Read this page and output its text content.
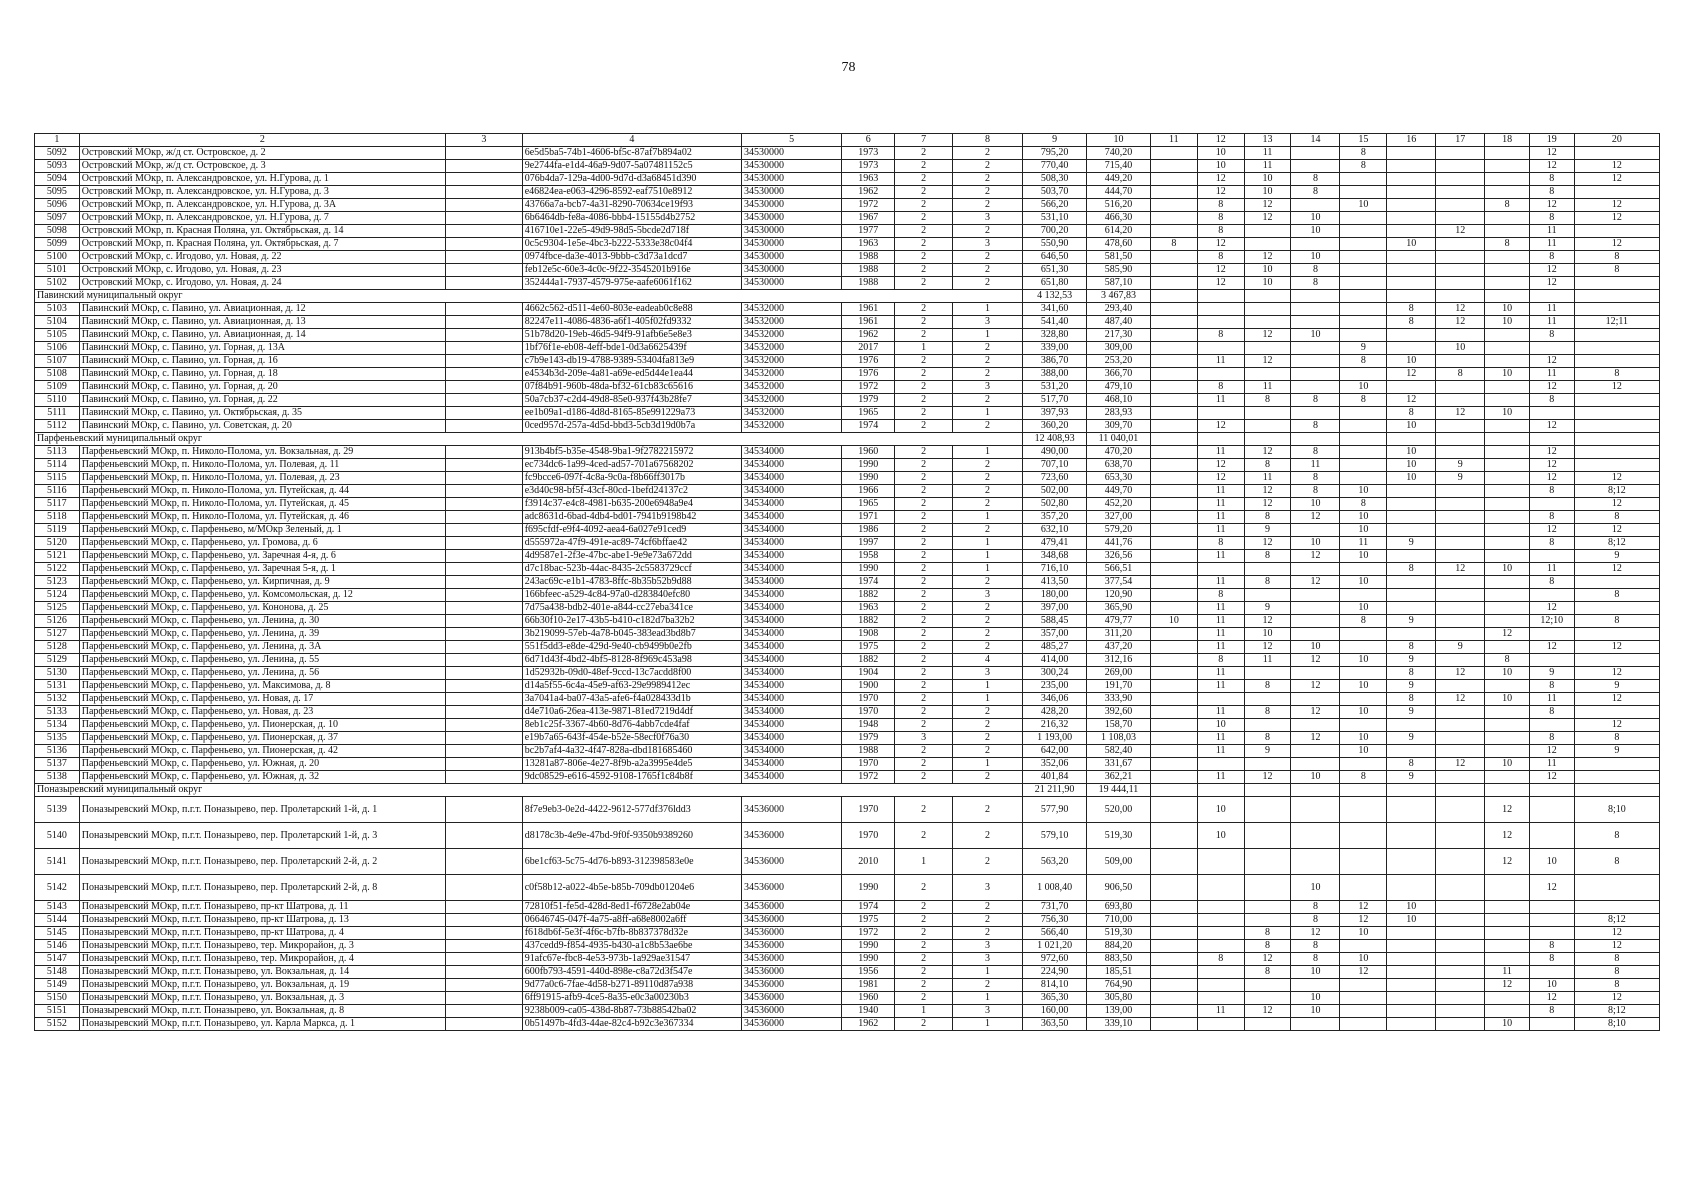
78
1	2	3	4	5	6	7	8	9	10	11	12	13	14	15	16	17	18	19	20
5092	Островский МОкр, ж/д ст. Островское, д. 2		6e5d5ba5-74b1-4606-bf5c-87af7b894a02	34530000	1973	2	2	795,20	740,20		10	11		8				12	
5093	Островский МОкр, ж/д ст. Островское, д. 3		9e2744fa-e1d4-46a9-9d07-5a07481152c5	34530000	1973	2	2	770,40	715,40		10	11		8				12	12
5094	Островский МОкр, п. Александровское, ул. Н.Гурова, д. 1		076b4da7-129a-4d00-9d7d-d3a68451d390	34530000	1963	2	2	508,30	449,20		12	10	8					8	12
5095	Островский МОкр, п. Александровское, ул. Н.Гурова, д. 3		e46824ea-e063-4296-8592-eaf7510e8912	34530000	1962	2	2	503,70	444,70		12	10	8					8	
5096	Островский МОкр, п. Александровское, ул. Н.Гурова, д. 3А		43766a7a-bcb7-4a31-8290-70634ce19f93	34530000	1972	2	2	566,20	516,20		8	12		10			8	12	12
5097	Островский МОкр, п. Александровское, ул. Н.Гурова, д. 7		6b6464db-fe8a-4086-bbb4-15155d4b2752	34530000	1967	2	3	531,10	466,30		8	12	10					8	12
5098	Островский МОкр, п. Красная Поляна, ул. Октябрьская, д. 14		416710e1-22e5-49d9-98d5-5bcde2d718f	34530000	1977	2	2	700,20	614,20		8		10			12		11	
5099	Островский МОкр, п. Красная Поляна, ул. Октябрьская, д. 7		0c5c9304-1e5e-4bc3-b222-5333e38c04f4	34530000	1963	2	3	550,90	478,60	8	12				10		8	11	12
5100	Островский МОкр, с. Игодово, ул. Новая, д. 22		0974fbce-da3e-4013-9bbb-c3d73a1dcd7	34530000	1988	2	2	646,50	581,50		8	12	10					8	8
5101	Островский МОкр, с. Игодово, ул. Новая, д. 23		feb12e5c-60e3-4c0c-9f22-3545201b916e	34530000	1988	2	2	651,30	585,90		12	10	8					12	8
5102	Островский МОкр, с. Игодово, ул. Новая, д. 24		352444a1-7937-4579-975e-aafe6061f162	34530000	1988	2	2	651,80	587,10		12	10	8					12	
Павинский муниципальный округ								4 132,53	3 467,83										
5103	Павинский МОкр, с. Павино, ул. Авиационная, д. 12		4662c562-d511-4e60-803e-eadeab0c8e88	34532000	1961	2	1	341,60	293,40						8	12	10	11	
5104	Павинский МОкр, с. Павино, ул. Авиационная, д. 13		82247e11-4086-4836-a6f1-405f02fd9332	34532000	1961	2	3	541,40	487,40						8	12	10	11	12;11
5105	Павинский МОкр, с. Павино, ул. Авиационная, д. 14		51b78d20-19eb-46d5-94f9-91afb6e5e8e3	34532000	1962	2	1	328,80	217,30		8	12	10					8	
5106	Павинский МОкр, с. Павино, ул. Горная, д. 13А		1bf76f1e-eb08-4eff-bde1-0d3a6625439f	34532000	2017	1	2	339,00	309,00					9		10			
5107	Павинский МОкр, с. Павино, ул. Горная, д. 16		c7b9e143-db19-4788-9389-53404fa813e9	34532000	1976	2	2	386,70	253,20		11	12		8	10			12	
5108	Павинский МОкр, с. Павино, ул. Горная, д. 18		e4534b3d-209e-4a81-a69e-ed5d44e1ea44	34532000	1976	2	2	388,00	366,70						12	8	10	11	8
5109	Павинский МОкр, с. Павино, ул. Горная, д. 20		07f84b91-960b-48da-bf32-61cb83c65616	34532000	1972	2	3	531,20	479,10		8	11		10				12	12
5110	Павинский МОкр, с. Павино, ул. Горная, д. 22		50a7cb37-c2d4-49d8-85e0-937f43b28fe7	34532000	1979	2	2	517,70	468,10		11	8	8	8	12			8	
5111	Павинский МОкр, с. Павино, ул. Октябрьская, д. 35		ee1b09a1-d186-4d8d-8165-85e991229a73	34532000	1965	2	1	397,93	283,93						8	12	10		
5112	Павинский МОкр, с. Павино, ул. Советская, д. 20		0ced957d-257a-4d5d-bbd3-5cb3d19d0b7a	34532000	1974	2	2	360,20	309,70		12		8		10			12	
Парфеньевский муниципальный округ								12 408,93	11 040,01										
5113	Парфеньевский МОкр, п. Николо-Полома, ул. Вокзальная, д. 29		913b4bf5-b35e-4548-9ba1-9f2782215972	34534000	1960	2	1	490,00	470,20		11	12	8		10			12	
5114	Парфеньевский МОкр, п. Николо-Полома, ул. Полевая, д. 11		ec734dc6-1a99-4ced-ad57-701a67568202	34534000	1990	2	2	707,10	638,70		12	8	11		10	9		12	
5115	Парфеньевский МОкр, п. Николо-Полома, ул. Полевая, д. 23		fc9bcce6-097f-4c8a-9c0a-f8b66ff3017b	34534000	1990	2	2	723,60	653,30		12	11	8		10	9		12	12
5116	Парфеньевский МОкр, п. Николо-Полома, ул. Путейская, д. 44		e3d40c98-bf5f-43cf-80cd-1befd24137c2	34534000	1966	2	2	502,00	449,70		11	12	8	10				8	8;12
5117	Парфеньевский МОкр, п. Николо-Полома, ул. Путейская, д. 45		f3914c37-e4c8-4981-b635-200e6948a9e4	34534000	1965	2	2	502,80	452,20		11	12	10	8					12
5118	Парфеньевский МОкр, п. Николо-Полома, ул. Путейская, д. 46		adc8631d-6bad-4db4-bd01-7941b9198b42	34534000	1971	2	1	357,20	327,00		11	8	12	10				8	8
5119	Парфеньевский МОкр, с. Парфеньево, м/МОкр Зеленый, д. 1		f695cfdf-e9f4-4092-aea4-6a027e91ced9	34534000	1986	2	2	632,10	579,20		11	9		10				12	12
5120	Парфеньевский МОкр, с. Парфеньево, ул. Громова, д. 6		d555972a-47f9-491e-ac89-74cf6bffae42	34534000	1997	2	1	479,41	441,76		8	12	10	11	9			8	8;12
5121	Парфеньевский МОкр, с. Парфеньево, ул. Заречная 4-я, д. 6		4d9587e1-2f3e-47bc-abe1-9e9e73a672dd	34534000	1958	2	1	348,68	326,56		11	8	12	10					9
5122	Парфеньевский МОкр, с. Парфеньево, ул. Заречная 5-я, д. 1		d7c18bac-523b-44ac-8435-2c5583729ccf	34534000	1990	2	1	716,10	566,51						8	12	10	11	12
5123	Парфеньевский МОкр, с. Парфеньево, ул. Кирпичная, д. 9		243ac69c-e1b1-4783-8ffc-8b35b52b9d88	34534000	1974	2	2	413,50	377,54		11	8	12	10				8	
5124	Парфеньевский МОкр, с. Парфеньево, ул. Комсомольская, д. 12		166bfeec-a529-4c84-97a0-d283840efc80	34534000	1882	2	3	180,00	120,90		8								8
5125	Парфеньевский МОкр, с. Парфеньево, ул. Кононова, д. 25		7d75a438-bdb2-401e-a844-cc27eba341ce	34534000	1963	2	2	397,00	365,90		11	9		10				12	
5126	Парфеньевский МОкр, с. Парфеньево, ул. Ленина, д. 30		66b30f10-2e17-43b5-b410-c182d7ba32b2	34534000	1882	2	2	588,45	479,77	10	11	12		8	9			12;10	8
5127	Парфеньевский МОкр, с. Парфеньево, ул. Ленина, д. 39		3b219099-57eb-4a78-b045-383ead3bd8b7	34534000	1908	2	2	357,00	311,20		11	10					12		
5128	Парфеньевский МОкр, с. Парфеньево, ул. Ленина, д. 3А		551f5dd3-e8de-429d-9e40-cb9499b0e2fb	34534000	1975	2	2	485,27	437,20		11	12	10		8	9		12	12
5129	Парфеньевский МОкр, с. Парфеньево, ул. Ленина, д. 55		6d71d43f-4bd2-4bf5-8128-8f969c453a98	34534000	1882	2	4	414,00	312,16		8	11	12	10	9		8		
5130	Парфеньевский МОкр, с. Парфеньево, ул. Ленина, д. 56		1d52932b-09d0-48ef-9ccd-13c7acdd8f00	34534000	1904	2	3	300,24	269,00		11				8	12	10	9	12
5131	Парфеньевский МОкр, с. Парфеньево, ул. Максимова, д. 8		d14a5f55-6c4a-45e9-af63-29e9989412ec	34534000	1900	2	1	235,00	191,70		11	8	12	10	9			8	9
5132	Парфеньевский МОкр, с. Парфеньево, ул. Новая, д. 17		3a7041a4-ba07-43a5-afe6-f4a028433d1b	34534000	1970	2	1	346,06	333,90						8	12	10	11	12
5133	Парфеньевский МОкр, с. Парфеньево, ул. Новая, д. 23		d4e710a6-26ea-413e-9871-81ed7219d4df	34534000	1970	2	2	428,20	392,60		11	8	12	10	9			8	
5134	Парфеньевский МОкр, с. Парфеньево, ул. Пионерская, д. 10		8eb1c25f-3367-4b60-8d76-4abb7cde4faf	34534000	1948	2	2	216,32	158,70		10								12
5135	Парфеньевский МОкр, с. Парфеньево, ул. Пионерская, д. 37		e19b7a65-643f-454e-b52e-58ecf0f76a30	34534000	1979	3	2	1 193,00	1 108,03		11	8	12	10	9			8	8
5136	Парфеньевский МОкр, с. Парфеньево, ул. Пионерская, д. 42		bc2b7af4-4a32-4f47-828a-dbd181685460	34534000	1988	2	2	642,00	582,40		11	9		10				12	9
5137	Парфеньевский МОкр, с. Парфеньево, ул. Южная, д. 20		13281a87-806e-4e27-8f9b-a2a3995e4de5	34534000	1970	2	1	352,06	331,67						8	12	10	11	
5138	Парфеньевский МОкр, с. Парфеньево, ул. Южная, д. 32		9dc08529-e616-4592-9108-1765f1c84b8f	34534000	1972	2	2	401,84	362,21		11	12	10	8	9			12	
Поназыревский муниципальный округ								21 211,90	19 444,11										
5139	Поназыревский МОкр, п.г.т. Поназырево, пер. Пролетарский 1-й, д. 1		8f7e9eb3-0e2d-4422-9612-577df376ldd3	34536000	1970	2	2	577,90	520,00		10						12		8;10
5140	Поназыревский МОкр, п.г.т. Поназырево, пер. Пролетарский 1-й, д. 3		d8178c3b-4e9e-47bd-9f0f-9350b9389260	34536000	1970	2	2	579,10	519,30		10						12		8
5141	Поназыревский МОкр, п.г.т. Поназырево, пер. Пролетарский 2-й, д. 2		6be1cf63-5c75-4d76-b893-312398583e0e	34536000	2010	1	2	563,20	509,00								12	10	8
5142	Поназыревский МОкр, п.г.т. Поназырево, пер. Пролетарский 2-й, д. 8		c0f58b12-a022-4b5e-b85b-709db01204e6	34536000	1990	2	3	1 008,40	906,50				10					12	
5143	Поназыревский МОкр, п.г.т. Поназырево, пр-кт Шатрова, д. 11		72810f51-fe5d-428d-8ed1-f6728e2ab04e	34536000	1974	2	2	731,70	693,80				8	12	10				
5144	Поназыревский МОкр, п.г.т. Поназырево, пр-кт Шатрова, д. 13		06646745-047f-4a75-a8ff-a68e8002a6ff	34536000	1975	2	2	756,30	710,00				8	12	10				8;12
5145	Поназыревский МОкр, п.г.т. Поназырево, пр-кт Шатрова, д. 4		f618db6f-5e3f-4f6c-b7fb-8b837378d32e	34536000	1972	2	2	566,40	519,30			8	12	10					12
5146	Поназыревский МОкр, п.г.т. Поназырево, тер. Микрорайон, д. 3		437cedd9-f854-4935-b430-a1c8b53ae6be	34536000	1990	2	3	1 021,20	884,20			8	8					8	12
5147	Поназыревский МОкр, п.г.т. Поназырево, тер. Микрорайон, д. 4		91afc67e-fbc8-4e53-973b-1a929ae31547	34536000	1990	2	3	972,60	883,50		8	12	8	10				8	8
5148	Поназыревский МОкр, п.г.т. Поназырево, ул. Вокзальная, д. 14		600fb793-4591-440d-898e-c8a72d3f547e	34536000	1956	2	1	224,90	185,51			8	10	12			11		8
5149	Поназыревский МОкр, п.г.т. Поназырево, ул. Вокзальная, д. 19		9d77a0c6-7fae-4d58-b271-89110d87a938	34536000	1981	2	2	814,10	764,90								12	10	8
5150	Поназыревский МОкр, п.г.т. Поназырево, ул. Вокзальная, д. 3		6ff91915-afb9-4ce5-8a35-e0c3a00230b3	34536000	1960	2	1	365,30	305,80				10					12	12
5151	Поназыревский МОкр, п.г.т. Поназырево, ул. Вокзальная, д. 8		9238b009-ca05-438d-8b87-73b88542ba02	34536000	1940	1	3	160,00	139,00		11	12	10					8	8;12
5152	Поназыревский МОкр, п.г.т. Поназырево, ул. Карла Маркса, д. 1		0b51497b-4fd3-44ae-82c4-b92c3e367334	34536000	1962	2	1	363,50	339,10								10		8;10
